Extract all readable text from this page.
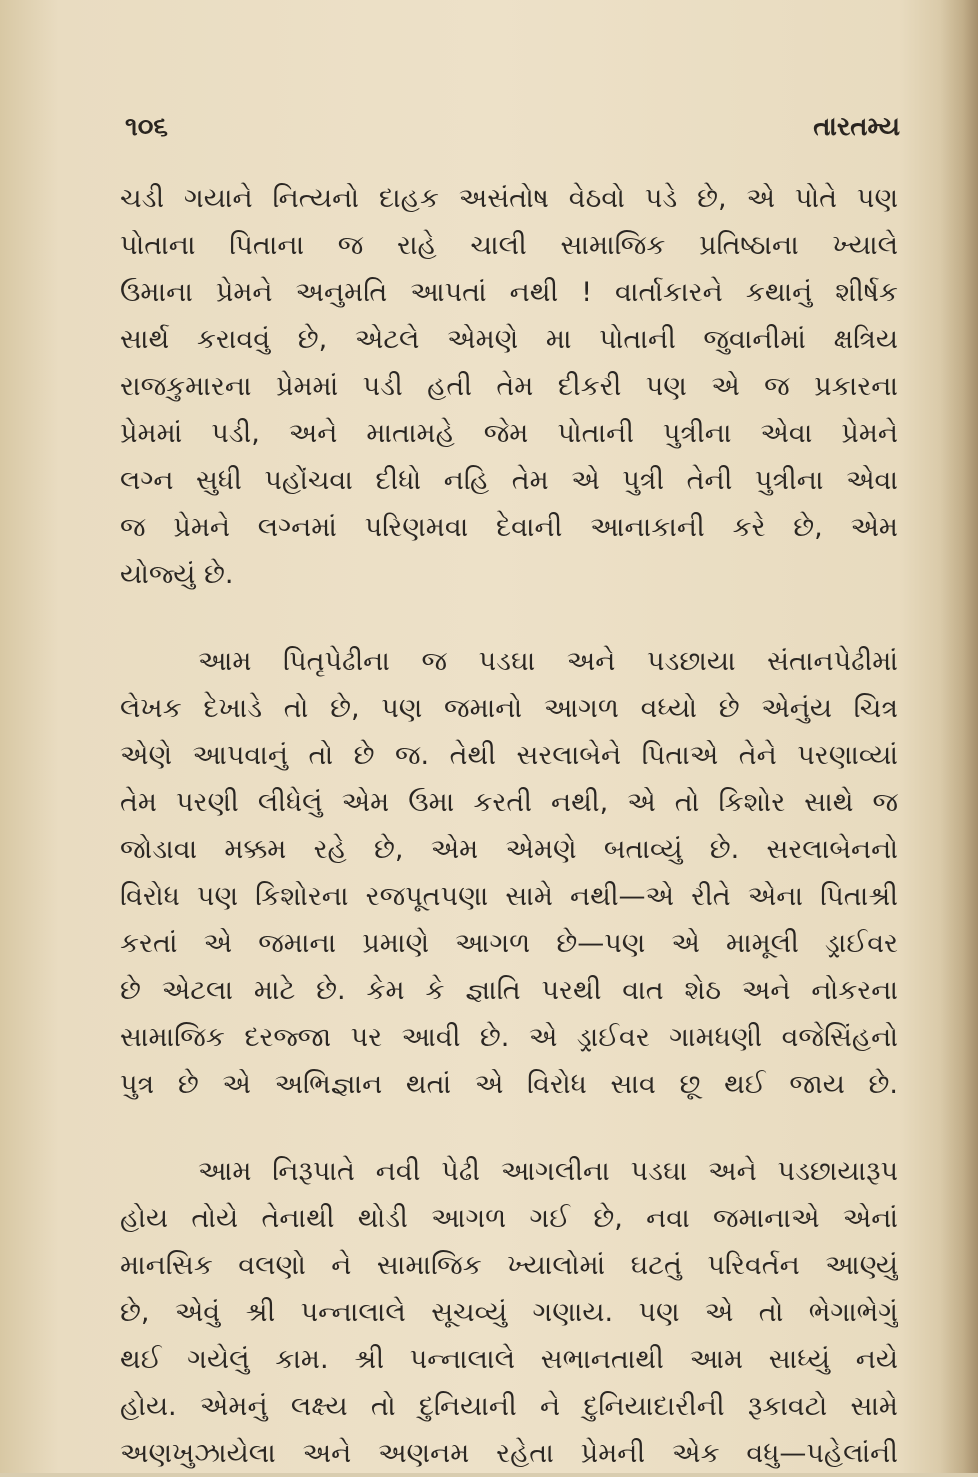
૧૦૬	તારતમ્ય
ચડી ગયાને નિત્યનો દાહક અસંતોષ વેઠવો પડે છે, એ પોતે પણ
પોતાના પિતાના જ રાહે ચાલી સામાજિક પ્રતિષ્ઠાના ખ્યાલે
ઉમાના પ્રેમને અનુમતિ આપતાં નથી ! વાર્તાકારને કથાનું શીર્ષક
સાર્થ કરાવવું છે, એટલે એમણે મા પોતાની જુવાનીમાં ક્ષત્રિય
રાજકુમારના પ્રેમમાં પડી હતી તેમ દીકરી પણ એ જ પ્રકારના
પ્રેમમાં પડી, અને માતામહે જેમ પોતાની પુત્રીના એવા પ્રેમને
લગ્ન સુધી પહોંચવા દીધો નહિ તેમ એ પુત્રી તેની પુત્રીના એવા
જ પ્રેમને લગ્નમાં પરિણમવા દેવાની આનાકાની કરે છે, એમ
યોજ્યું છે.
આમ પિતૃપેઢીના જ પડઘા અને પડછાયા સંતાનપેઢીમાં
લેખક દેખાડે તો છે, પણ જમાનો આગળ વધ્યો છે એનુંય ચિત્ર
એણે આપવાનું તો છે જ. તેથી સરલાબેને પિતાએ તેને પરણાવ્યાં
તેમ પરણી લીધેલું એમ ઉમા કરતી નથી, એ તો કિશોર સાથે જ
જોડાવા મક્કમ રહે છે, એમ એમણે બતાવ્યું છે. સરલાબેનનો
વિરોધ પણ કિશોરના રજપૂતપણા સામે નથી—એ રીતે એના પિતાશ્રી
કરતાં એ જમાના પ્રમાણે આગળ છે—પણ એ મામૂલી ડ્રાઈવર
છે એટલા માટે છે. કેમ કે જ્ઞાતિ પરથી વાત શેઠ અને નોકરના
સામાજિક દરજ્જા પર આવી છે. એ ડ્રાઈવર ગામધણી વજેસિંહનો
પુત્ર છે એ અભિજ્ઞાન થતાં એ વિરોધ સાવ છૂ થઈ જાય છે.
આમ નિરૂપાતે નવી પેઢી આગલીના પડઘા અને પડછાયારૂપ
હોય તોયે તેનાથી થોડી આગળ ગઈ છે, નવા જમાનાએ એનાં
માનસિક વલણો ને સામાજિક ખ્યાલોમાં ઘટતું પરિવર્તન આણ્યું
છે, એવું શ્રી પન્નાલાલે સૂચવ્યું ગણાય. પણ એ તો ભેગાભેગું
થઈ ગયેલું કામ. શ્રી પન્નાલાલે સભાનતાથી આમ સાધ્યું નયે
હોય. એમનું લક્ષ્ય તો દુનિયાની ને દુનિયાદારીની રૂકાવટો સામે
અણખુઝાયેલા અને અણનમ રહેતા પ્રેમની એક વધુ—પહેલાંની
